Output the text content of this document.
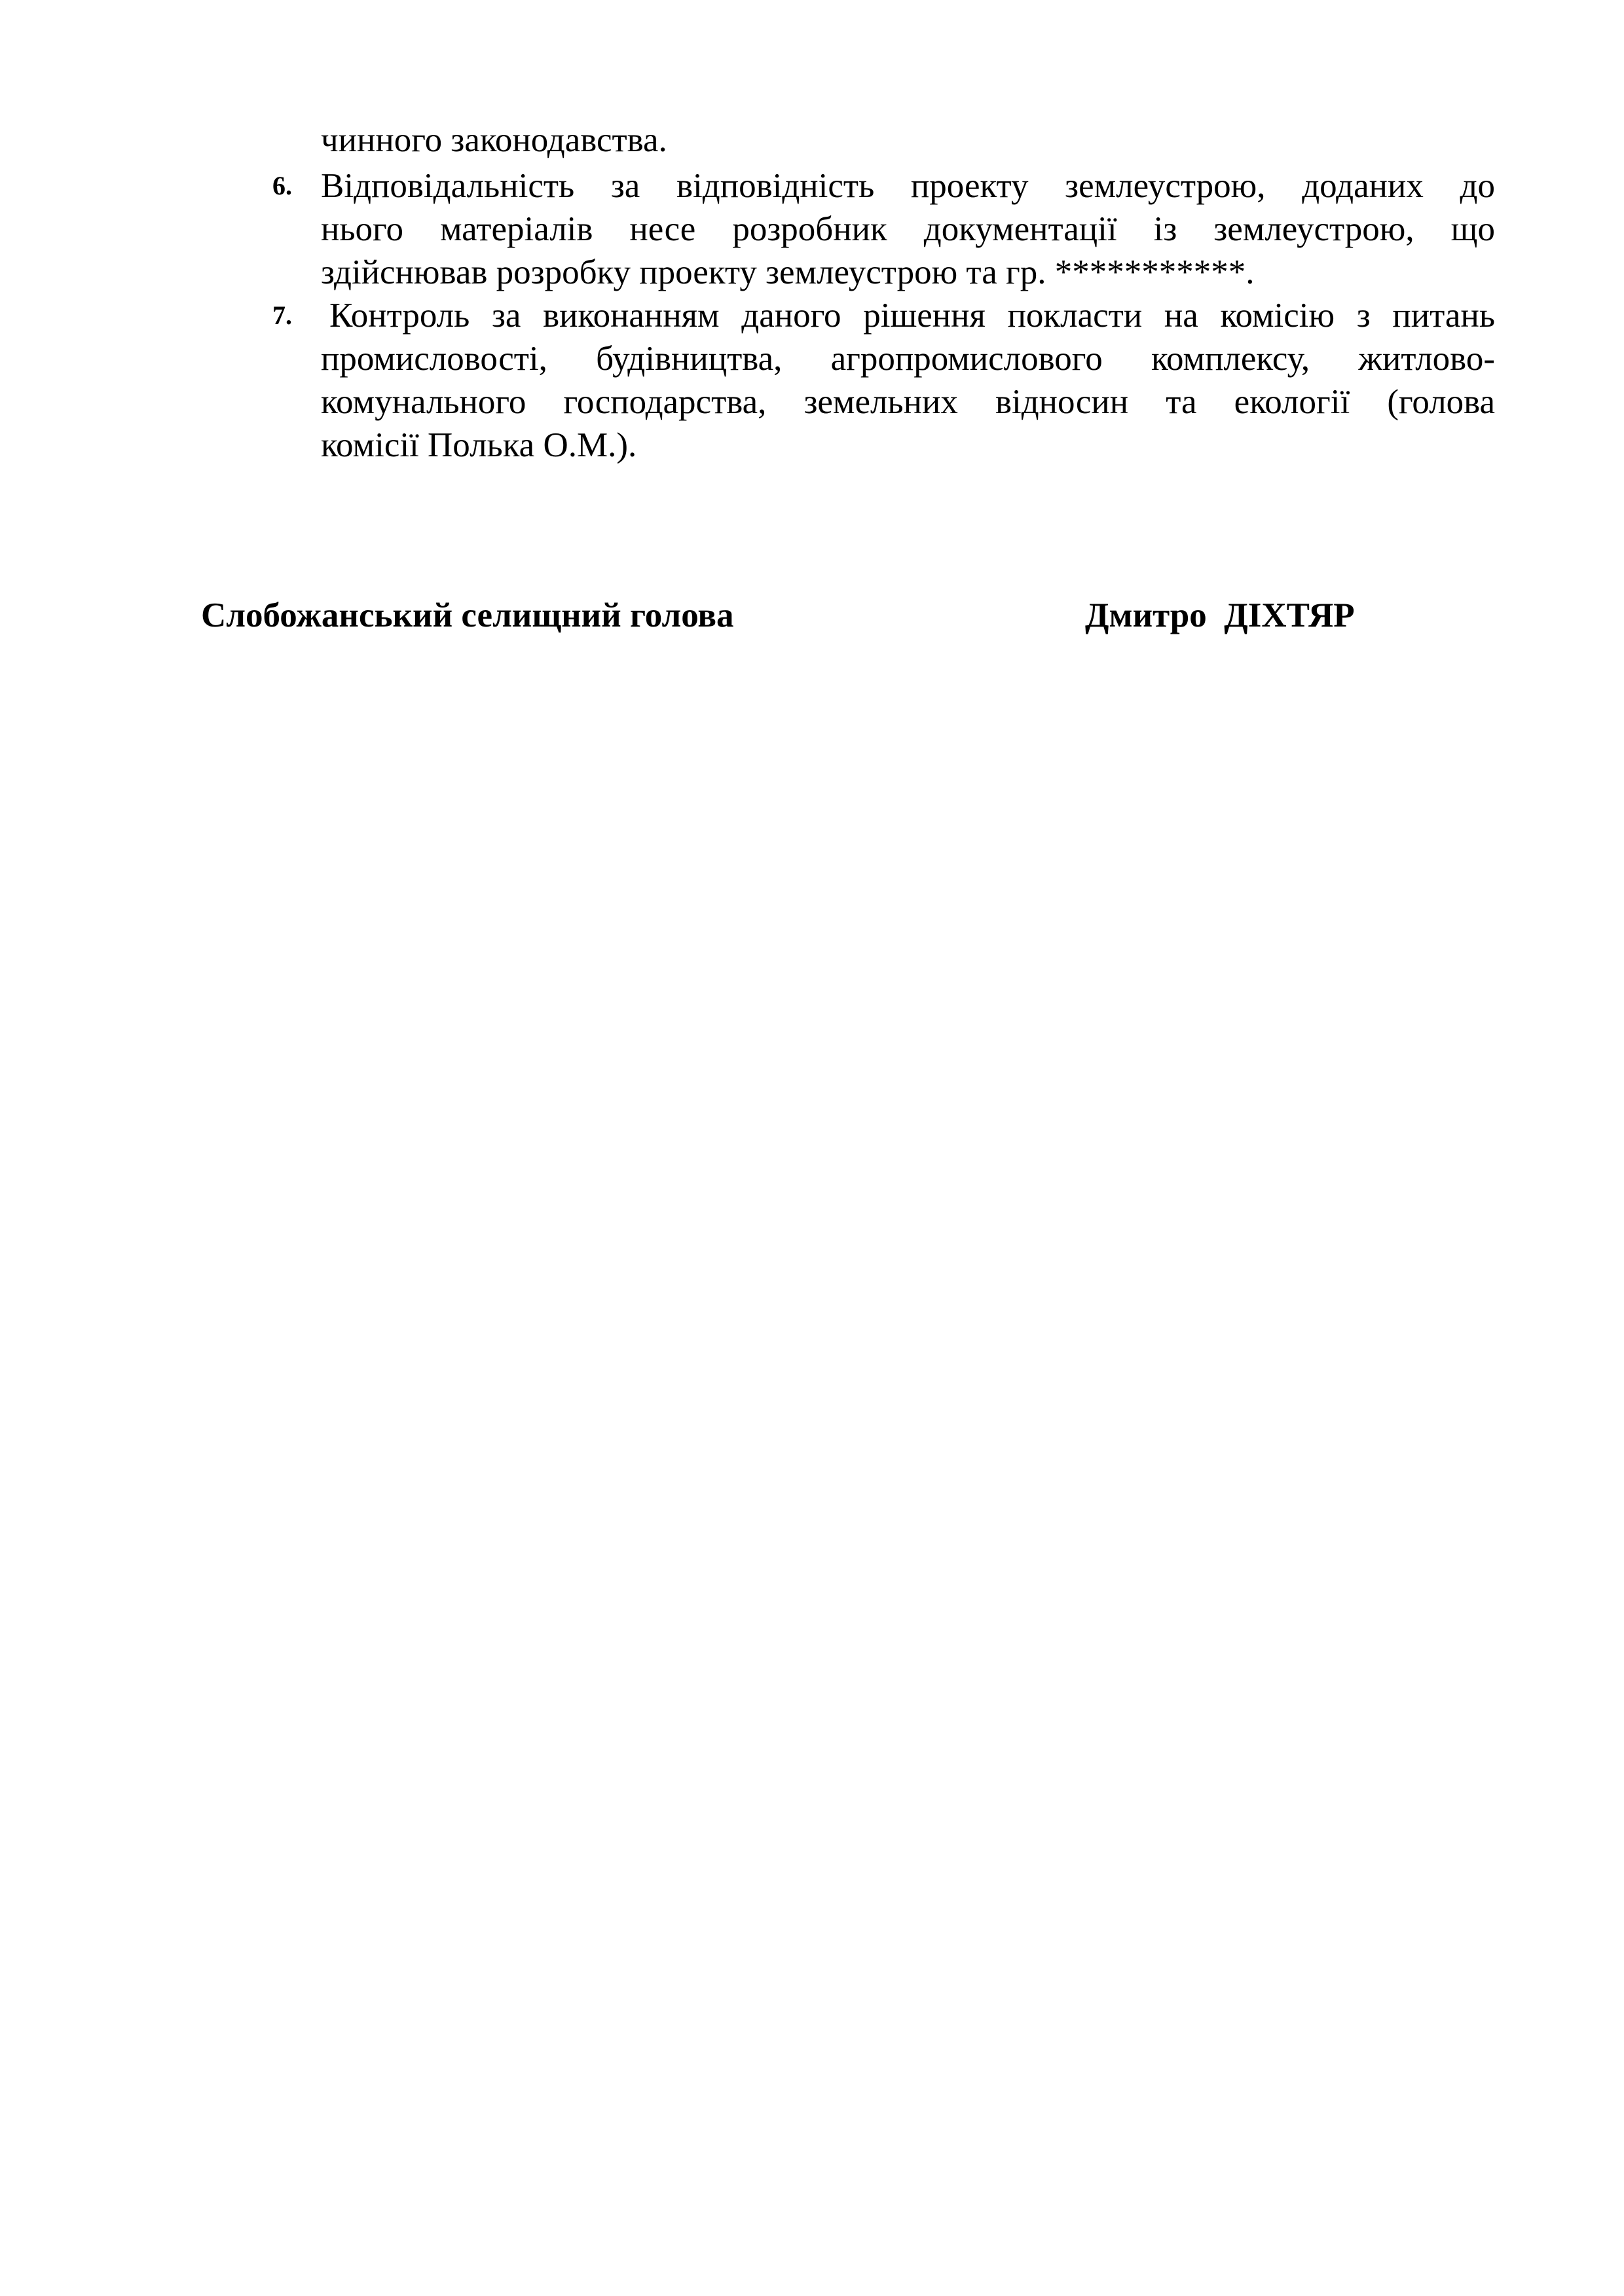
чинного законодавства.
6. Відповідальність за відповідність проекту землеустрою, доданих до
нього матеріалів несе розробник документації із землеустрою, що
здійснював розробку проекту землеустрою та гр. ***********.
7. Контроль за виконанням даного рішення покласти на комісію з питань
промисловості, будівництва, агропромислового комплексу, житлово-
комунального господарства, земельних відносин та екології (голова
комісії Полька О.М.).
Слобожанський селищний голова	Дмитро  ДІХТЯР
